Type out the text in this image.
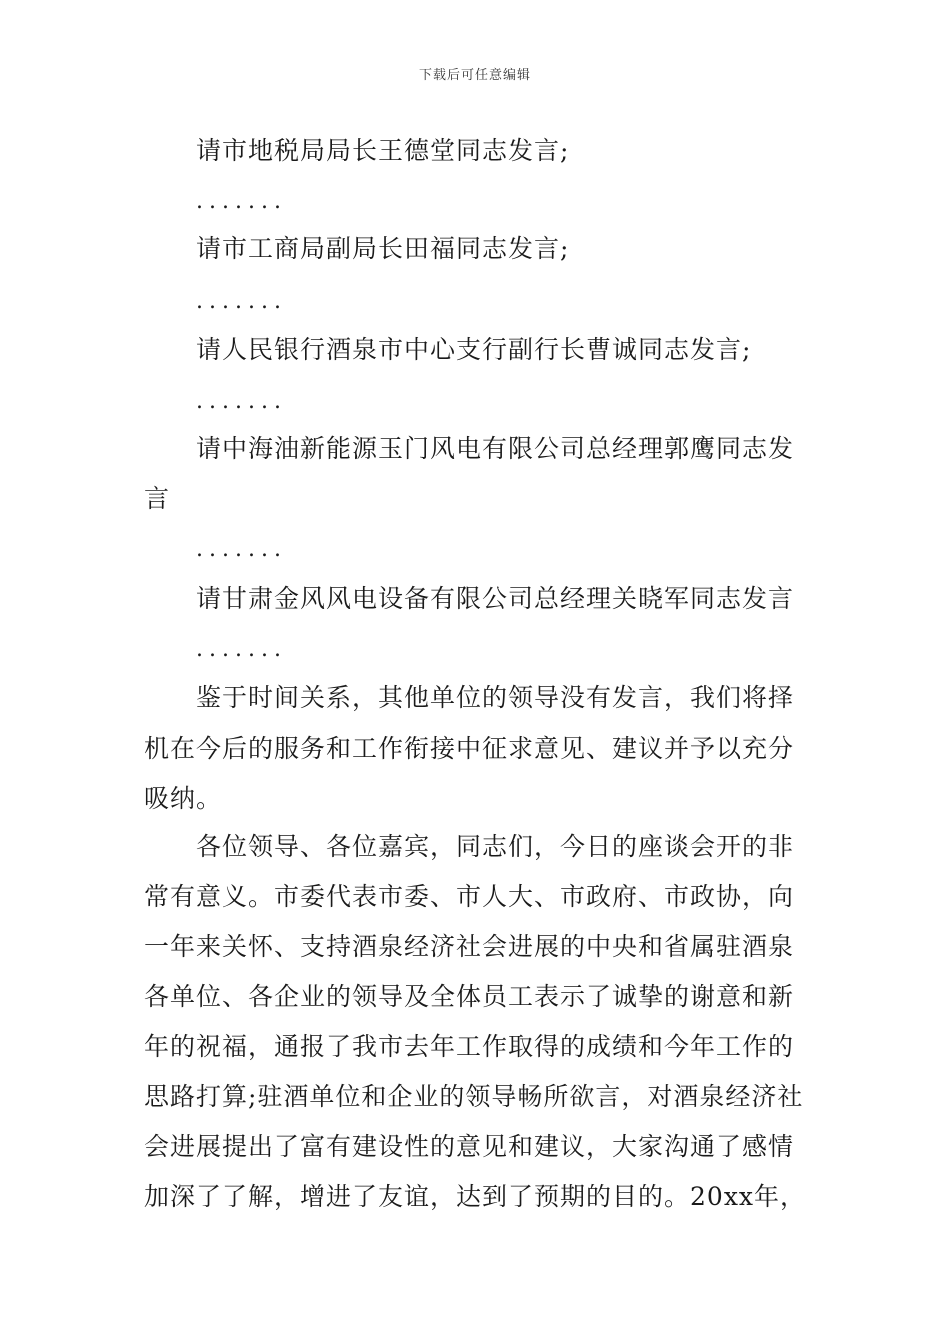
下载后可任意编辑
请市地税局局长王德堂同志发言;
.......
请市工商局副局长田福同志发言;
.......
请人民银行酒泉市中心支行副行长曹诚同志发言;
.......
请中海油新能源玉门风电有限公司总经理郭鹰同志发
言
.......
请甘肃金风风电设备有限公司总经理关晓军同志发言
.......
鉴于时间关系，其他单位的领导没有发言，我们将择
机在今后的服务和工作衔接中征求意见、建议并予以充分
吸纳。
各位领导、各位嘉宾，同志们，今日的座谈会开的非
常有意义。市委代表市委、市人大、市政府、市政协，向
一年来关怀、支持酒泉经济社会进展的中央和省属驻酒泉
各单位、各企业的领导及全体员工表示了诚挚的谢意和新
年的祝福，通报了我市去年工作取得的成绩和今年工作的
思路打算;驻酒单位和企业的领导畅所欲言，对酒泉经济社
会进展提出了富有建设性的意见和建议，大家沟通了感情
加深了了解，增进了友谊，达到了预期的目的。20xx年，
